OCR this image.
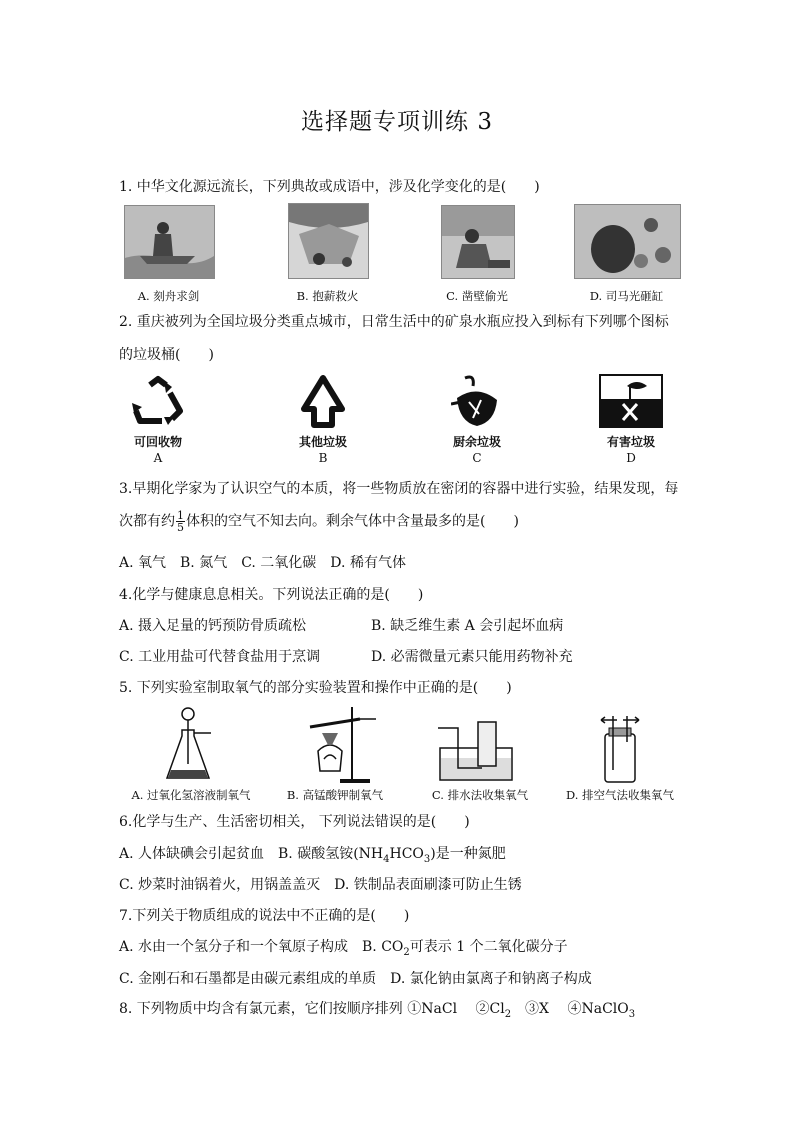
选择题专项训练 3
1. 中华文化源远流长，下列典故或成语中，涉及化学变化的是(　　)
A. 刻舟求剑	B. 抱薪救火	C. 凿壁偷光	D. 司马光砸缸
2. 重庆被列为全国垃圾分类重点城市，日常生活中的矿泉水瓶应投入到标有下列哪个图标
的垃圾桶(　　)
可回收物	其他垃圾	厨余垃圾	有害垃圾
A	B	C	D
3.早期化学家为了认识空气的本质，将一些物质放在密闭的容器中进行实验，结果发现，每
次都有约 $\frac{1}{5}$ 体积的空气不知去向。剩余气体中含量最多的是(　　)
A. 氧气　B. 氮气　C. 二氧化碳　D. 稀有气体
4.化学与健康息息相关。下列说法正确的是(　　)
A. 摄入足量的钙预防骨质疏松	B. 缺乏维生素 A 会引起坏血病
C. 工业用盐可代替食盐用于烹调	D. 必需微量元素只能用药物补充
5. 下列实验室制取氧气的部分实验装置和操作中正确的是(　　)
A. 过氧化氢溶液制氧气	B. 高锰酸钾制氧气	C. 排水法收集氧气	D. 排空气法收集氧气
6.化学与生产、生活密切相关， 下列说法错误的是(　　)
A. 人体缺碘会引起贫血　B. 碳酸氢铵$(NH_4HCO_3)$是一种氮肥
C. 炒菜时油锅着火，用锅盖盖灭　D. 铁制品表面刷漆可防止生锈
7.下列关于物质组成的说法中不正确的是(　　)
A. 水由一个氢分子和一个氧原子构成　B. $CO_2$可表示 1 个二氧化碳分子
C. 金刚石和石墨都是由碳元素组成的单质　D. 氯化钠由氯离子和钠离子构成
8. 下列物质中均含有氯元素，它们按顺序排列 ①NaCl　 $②Cl_2$　③X　 ④NaClO$_3$
